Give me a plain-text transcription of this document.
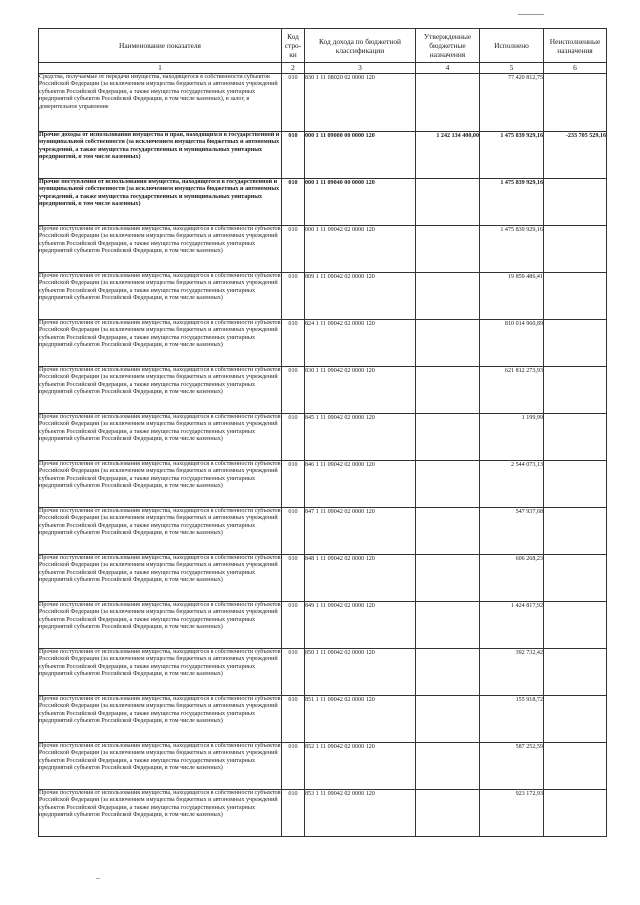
Наименование показателя	Код стро-ки	Код дохода по бюджетной классификации	Утвержденные бюджетные назначения	Исполнено	Неисполненные назначения
1	2	3	4	5	6
Средства, получаемые от передачи имущества, находящегося в собственности субъектов Российской Федерации (за исключением имущества бюджетных и автономных учреждений субъектов Российской Федерации, а также имущества государственных унитарных предприятий субъектов Российской Федерации, в том числе казенных), в залог, в доверительное управление	010	830 1 11 08020 02 0000 120		77 420 812,75	
Прочие доходы от использования имущества и прав, находящихся в государственной и муниципальной собственности (за исключением имущества бюджетных и автономных учреждений, а также имущества государственных и муниципальных унитарных предприятий, в том числе казенных)	010	000 1 11 09000 00 0000 120	1 242 134 400,00	1 475 839 929,16	-233 705 529,16
Прочие поступления от использования имущества, находящегося в государственной и муниципальной собственности (за исключением имущества бюджетных и автономных учреждений, а также имущества государственных и муниципальных унитарных предприятий, в том числе казенных)	010	000 1 11 09040 00 0000 120		1 475 839 929,16	
Прочие поступления от использования имущества, находящегося в собственности субъектов Российской Федерации (за исключением имущества бюджетных и автономных учреждений субъектов Российской Федерации, а также имущества государственных унитарных предприятий субъектов Российской Федерации, в том числе казенных)	010	000 1 11 09042 02 0000 120		1 475 839 929,16	
Прочие поступления от использования имущества, находящегося в собственности субъектов Российской Федерации (за исключением имущества бюджетных и автономных учреждений субъектов Российской Федерации, а также имущества государственных унитарных предприятий субъектов Российской Федерации, в том числе казенных)	010	809 1 11 09042 02 0000 120		19 859 486,41	
Прочие поступления от использования имущества, находящегося в собственности субъектов Российской Федерации (за исключением имущества бюджетных и автономных учреждений субъектов Российской Федерации, а также имущества государственных унитарных предприятий субъектов Российской Федерации, в том числе казенных)	010	824 1 11 09042 02 0000 120		810 014 960,89	
Прочие поступления от использования имущества, находящегося в собственности субъектов Российской Федерации (за исключением имущества бюджетных и автономных учреждений субъектов Российской Федерации, а также имущества государственных унитарных предприятий субъектов Российской Федерации, в том числе казенных)	010	830 1 11 09042 02 0000 120		621 812 273,93	
Прочие поступления от использования имущества, находящегося в собственности субъектов Российской Федерации (за исключением имущества бюджетных и автономных учреждений субъектов Российской Федерации, а также имущества государственных унитарных предприятий субъектов Российской Федерации, в том числе казенных)	010	845 1 11 09042 02 0000 120		1 199,99	
Прочие поступления от использования имущества, находящегося в собственности субъектов Российской Федерации (за исключением имущества бюджетных и автономных учреждений субъектов Российской Федерации, а также имущества государственных унитарных предприятий субъектов Российской Федерации, в том числе казенных)	010	846 1 11 09042 02 0000 120		2 544 073,13	
Прочие поступления от использования имущества, находящегося в собственности субъектов Российской Федерации (за исключением имущества бюджетных и автономных учреждений субъектов Российской Федерации, а также имущества государственных унитарных предприятий субъектов Российской Федерации, в том числе казенных)	010	847 1 11 09042 02 0000 120		547 937,68	
Прочие поступления от использования имущества, находящегося в собственности субъектов Российской Федерации (за исключением имущества бюджетных и автономных учреждений субъектов Российской Федерации, а также имущества государственных унитарных предприятий субъектов Российской Федерации, в том числе казенных)	010	848 1 11 09042 02 0000 120		606 268,23	
Прочие поступления от использования имущества, находящегося в собственности субъектов Российской Федерации (за исключением имущества бюджетных и автономных учреждений субъектов Российской Федерации, а также имущества государственных унитарных предприятий субъектов Российской Федерации, в том числе казенных)	010	849 1 11 09042 02 0000 120		1 424 817,92	
Прочие поступления от использования имущества, находящегося в собственности субъектов Российской Федерации (за исключением имущества бюджетных и автономных учреждений субъектов Российской Федерации, а также имущества государственных унитарных предприятий субъектов Российской Федерации, в том числе казенных)	010	850 1 11 09042 02 0000 120		392 732,42	
Прочие поступления от использования имущества, находящегося в собственности субъектов Российской Федерации (за исключением имущества бюджетных и автономных учреждений субъектов Российской Федерации, а также имущества государственных унитарных предприятий субъектов Российской Федерации, в том числе казенных)	010	851 1 11 09042 02 0000 120		155 918,72	
Прочие поступления от использования имущества, находящегося в собственности субъектов Российской Федерации (за исключением имущества бюджетных и автономных учреждений субъектов Российской Федерации, а также имущества государственных унитарных предприятий субъектов Российской Федерации, в том числе казенных)	010	852 1 11 09042 02 0000 120		587 252,59	
Прочие поступления от использования имущества, находящегося в собственности субъектов Российской Федерации (за исключением имущества бюджетных и автономных учреждений субъектов Российской Федерации, а также имущества государственных унитарных предприятий субъектов Российской Федерации, в том числе казенных)	010	853 1 11 09042 02 0000 120		923 172,93	
